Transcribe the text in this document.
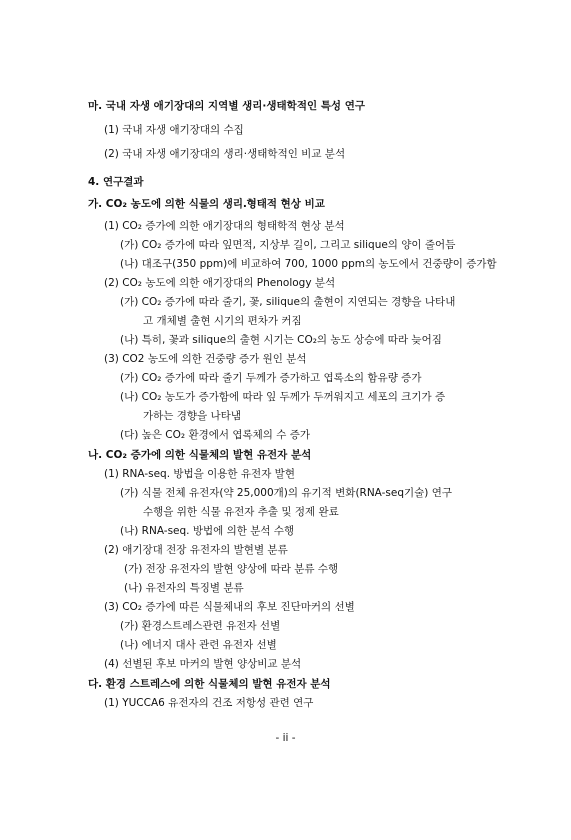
마. 국내 자생 애기장대의 지역별 생리·생태학적인 특성 연구
(1) 국내 자생 애기장대의 수집
(2) 국내 자생 애기장대의 생리·생태학적인 비교 분석
4. 연구결과
가. CO₂ 농도에 의한 식물의 생리․형태적 현상 비교
(1) CO₂ 증가에 의한 애기장대의 형태학적 현상 분석
(가) CO₂ 증가에 따라 잎면적, 지상부 길이, 그리고 silique의 양이 줄어듬
(나) 대조구(350 ppm)에 비교하여 700, 1000 ppm의 농도에서 건중량이 증가함
(2) CO₂ 농도에 의한 애기장대의 Phenology 분석
(가) CO₂ 증가에 따라 줄기, 꽃, silique의 출현이 지연되는 경향을 나타내
고 개체별 출현 시기의 편차가 커짐
(나) 특히, 꽃과 silique의 출현 시기는 CO₂의 농도 상승에 따라 늦어짐
(3) CO2 농도에 의한 건중량 증가 원인 분석
(가) CO₂ 증가에 따라 줄기 두께가 증가하고 엽록소의 함유량 증가
(나) CO₂ 농도가 증가함에 따라 잎 두께가 두꺼워지고 세포의 크기가 증
가하는 경향을 나타냄
(다) 높은 CO₂ 환경에서 엽록체의 수 증가
나. CO₂ 증가에 의한 식물체의 발현 유전자 분석
(1) RNA-seq. 방법을 이용한 유전자 발현
(가) 식물 전체 유전자(약 25,000개)의 유기적 변화(RNA-seq기술) 연구
수행을 위한 식물 유전자 추출 및 정제 완료
(나) RNA-seq. 방법에 의한 분석 수행
(2) 애기장대 전장 유전자의 발현별 분류
(가) 전장 유전자의 발현 양상에 따라 분류 수행
(나) 유전자의 특징별 분류
(3) CO₂ 증가에 따른 식물체내의 후보 진단마커의 선별
(가) 환경스트레스관련 유전자 선별
(나) 에너지 대사 관련 유전자 선별
(4) 선별된 후보 마커의 발현 양상비교 분석
다. 환경 스트레스에 의한 식물체의 발현 유전자 분석
(1) YUCCA6 유전자의 건조 저항성 관련 연구
- ii -
